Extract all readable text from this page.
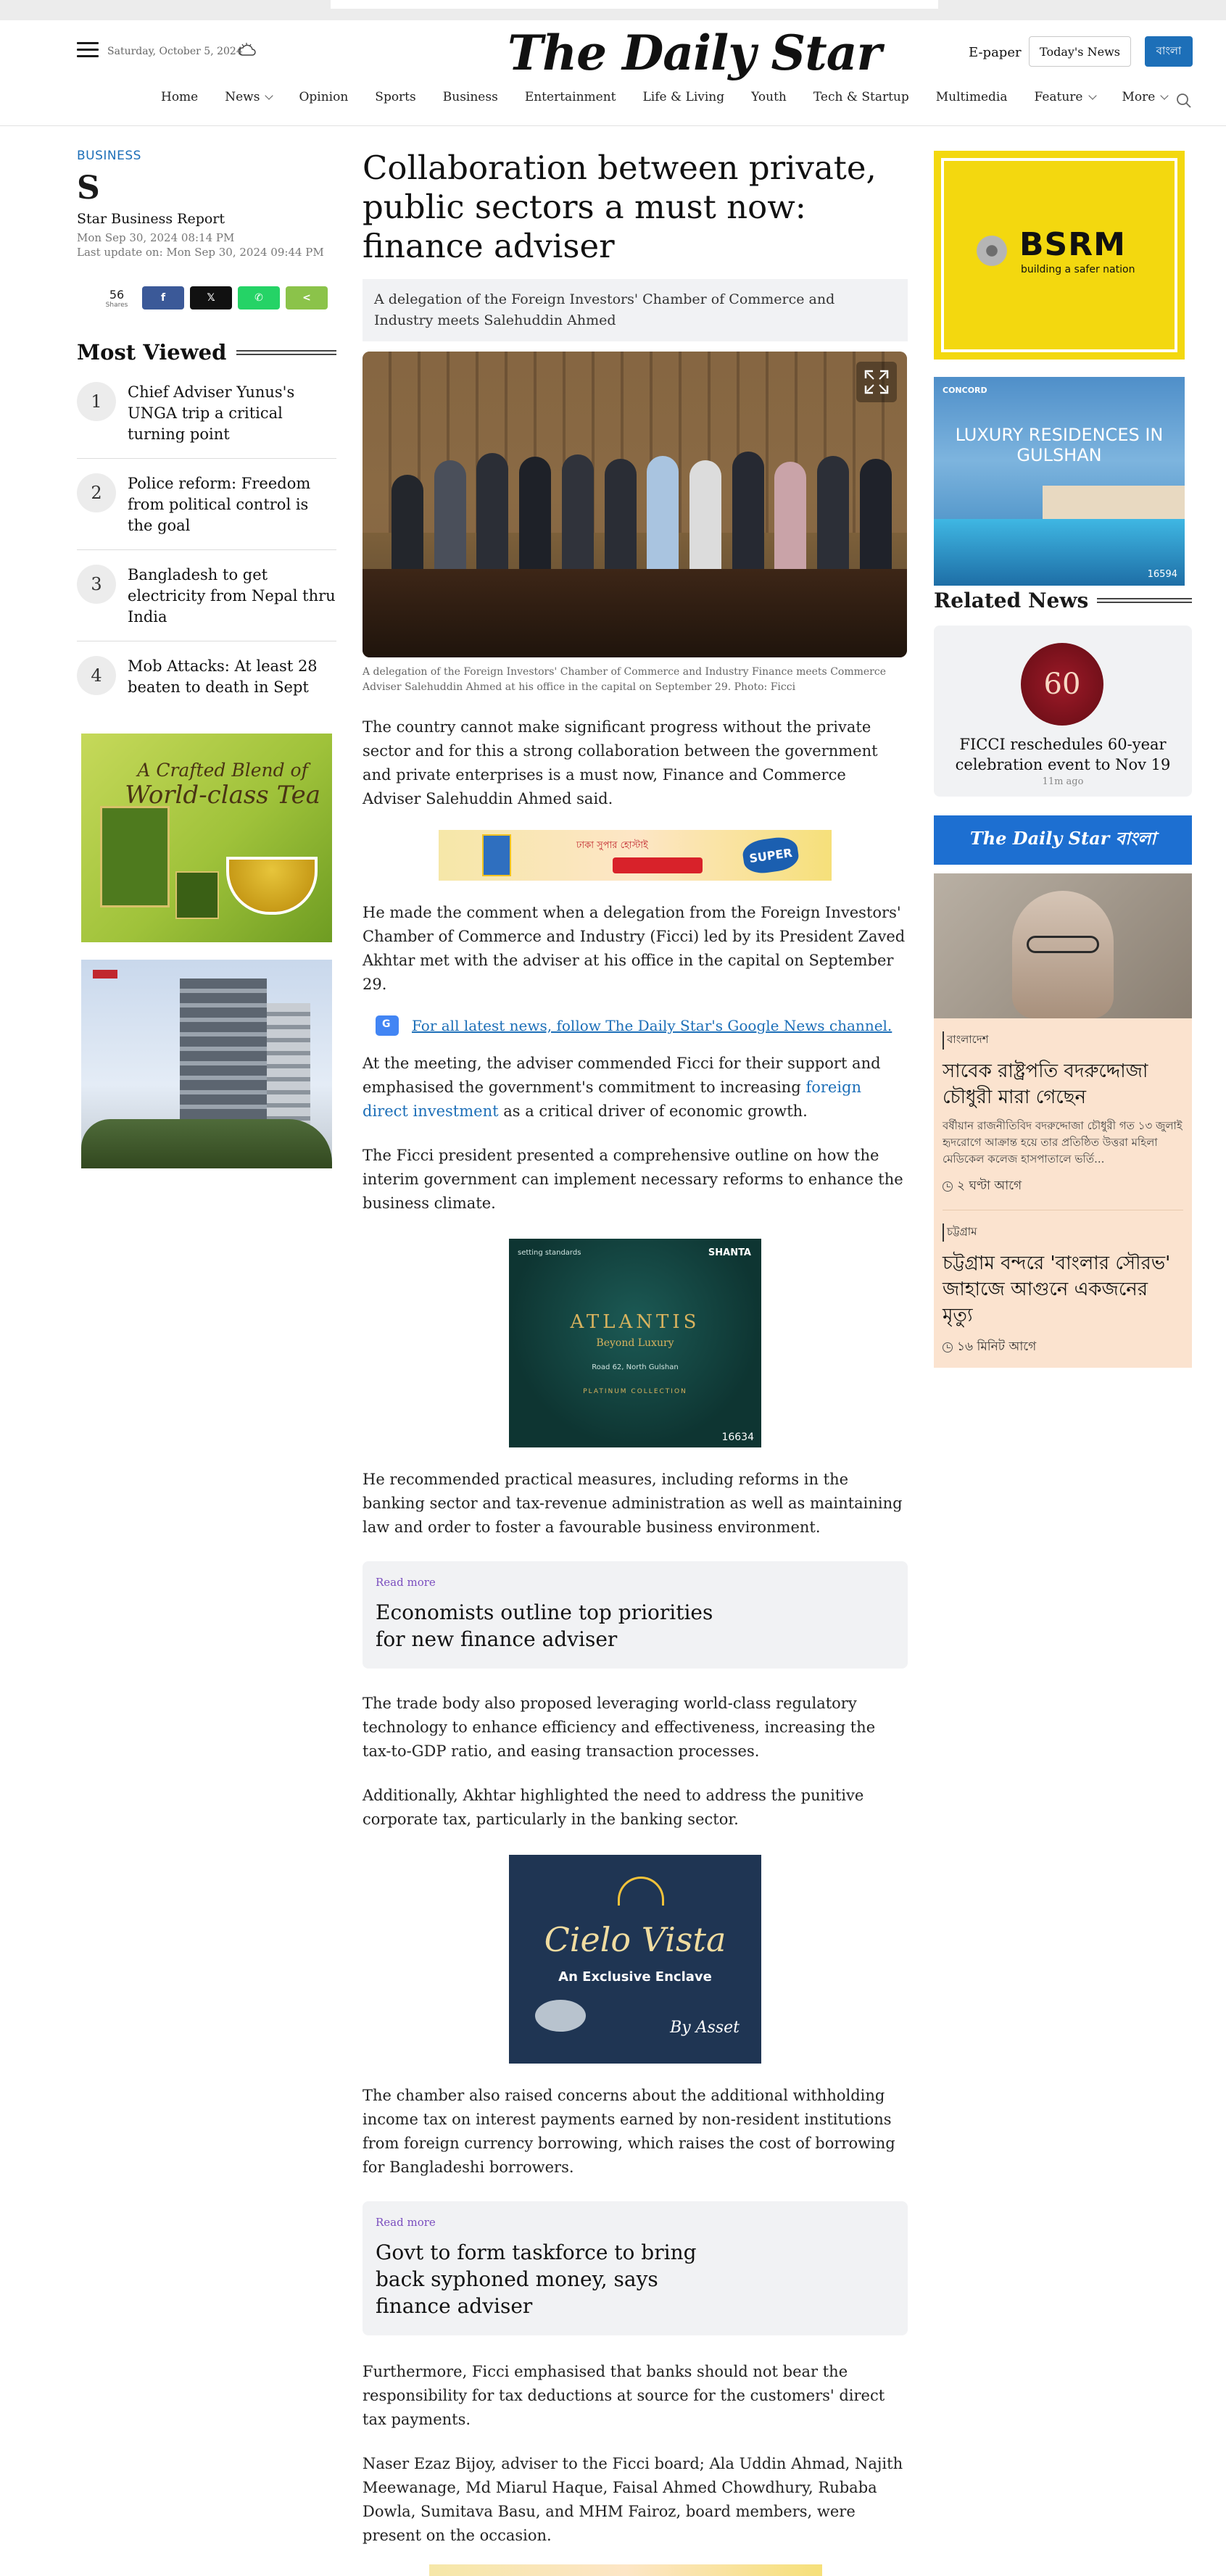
Saturday, October 5, 2024	The Daily Star	E-paper	Today's News	বাংলা
Home News	Opinion Sports Business Entertainment Life & Living Youth Tech & Startup Multimedia Feature	More
BUSINESS
S
Star Business Report
Mon Sep 30, 2024 08:14 PM
Last update on: Mon Sep 30, 2024 09:44 PM
56
Shares
f	𝕏	✆	<
Most Viewed
1	Chief Adviser Yunus's UNGA trip a critical turning point
2	Police reform: Freedom from political control is the goal
3	Bangladesh to get electricity from Nepal thru India
4	Mob Attacks: At least 28 beaten to death in Sept
A Crafted Blend of
World-class Tea
Collaboration between private, public sectors a must now: finance adviser
A delegation of the Foreign Investors' Chamber of Commerce and Industry meets Salehuddin Ahmed
A delegation of the Foreign Investors' Chamber of Commerce and Industry Finance meets Commerce Adviser Salehuddin Ahmed at his office in the capital on September 29. Photo: Ficci

The country cannot make significant progress without the private sector and for this a strong collaboration between the government and private enterprises is a must now, Finance and Commerce Adviser Salehuddin Ahmed said.

ঢাকা সুপার হোস্টাই	SUPER

He made the comment when a delegation from the Foreign Investors' Chamber of Commerce and Industry (Ficci) led by its President Zaved Akhtar met with the adviser at his office in the capital on September 29.

G
For all latest news, follow The Daily Star's Google News channel.

At the meeting, the adviser commended Ficci for their support and emphasised the government's commitment to increasing foreign direct investment as a critical driver of economic growth.

The Ficci president presented a comprehensive outline on how the interim government can implement necessary reforms to enhance the business climate.

setting standards	SHANTA
ATLANTIS
Beyond Luxury
Road 62, North Gulshan
PLATINUM COLLECTION
16634

He recommended practical measures, including reforms in the banking sector and tax-revenue administration as well as maintaining law and order to foster a favourable business environment.

Read more
Economists outline top priorities for new finance adviser

The trade body also proposed leveraging world-class regulatory technology to enhance efficiency and effectiveness, increasing the tax-to-GDP ratio, and easing transaction processes.

Additionally, Akhtar highlighted the need to address the punitive corporate tax, particularly in the banking sector.

Cielo Vista
An Exclusive Enclave
By Asset

The chamber also raised concerns about the additional withholding income tax on interest payments earned by non-resident institutions from foreign currency borrowing, which raises the cost of borrowing for Bangladeshi borrowers.

Read more
Govt to form taskforce to bring back syphoned money, says finance adviser

Furthermore, Ficci emphasised that banks should not bear the responsibility for tax deductions at source for the customers' direct tax payments.

Naser Ezaz Bijoy, adviser to the Ficci board; Ala Uddin Ahmad, Najith Meewanage, Md Miarul Haque, Faisal Ahmed Chowdhury, Rubaba Dowla, Sumitava Basu, and MHM Fairoz, board members, were present on the occasion.

BSRM
building a safer nation
CONCORD
LUXURY RESIDENCES IN GULSHAN
16594
Related News
60
FICCI reschedules 60-year celebration event to Nov 19
11m ago
The Daily Star বাংলা
বাংলাদেশ
সাবেক রাষ্ট্রপতি বদরুদ্দোজা চৌধুরী মারা গেছেন
বর্ষীয়ান রাজনীতিবিদ বদরুদ্দোজা চৌধুরী গত ১৩ জুলাই হৃদরোগে আক্রান্ত হয়ে তার প্রতিষ্ঠিত উত্তরা মহিলা মেডিকেল কলেজ হাসপাতালে ভর্তি...
২ ঘণ্টা আগে
চট্টগ্রাম
চট্টগ্রাম বন্দরে 'বাংলার সৌরভ' জাহাজে আগুনে একজনের মৃত্যু
১৬ মিনিট আগে
